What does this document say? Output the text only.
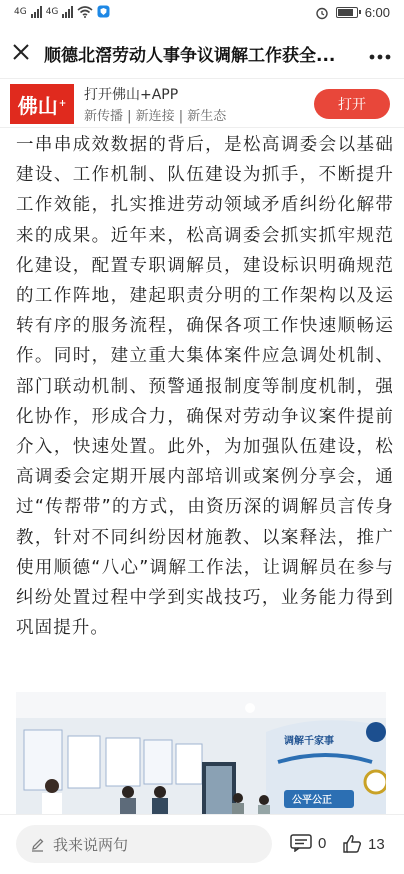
4G 4G	6:00
顺德北滘劳动人事争议调解工作获全...
佛山 +
打开佛山+APP
新传播 | 新连接 | 新生态
打开

一串串成效数据的背后，是松高调委会以基础建设、工作机制、队伍建设为抓手，不断提升工作效能，扎实推进劳动领域矛盾纠纷化解带来的成果。近年来，松高调委会抓实抓牢规范化建设，配置专职调解员，建设标识明确规范的工作阵地，建起职责分明的工作架构以及运转有序的服务流程，确保各项工作快速顺畅运作。同时，建立重大集体案件应急调处机制、部门联动机制、预警通报制度等制度机制，强化协作，形成合力，确保对劳动争议案件提前介入，快速处置。此外，为加强队伍建设，松高调委会定期开展内部培训或案例分享会，通过“传帮带”的方式，由资历深的调解员言传身教，针对不同纠纷因材施教、以案释法，推广使用顺德“八心”调解工作法，让调解员在参与纠纷处置过程中学到实战技巧，业务能力得到巩固提升。

调解千家事
公平公正
我来说两句	0	13
